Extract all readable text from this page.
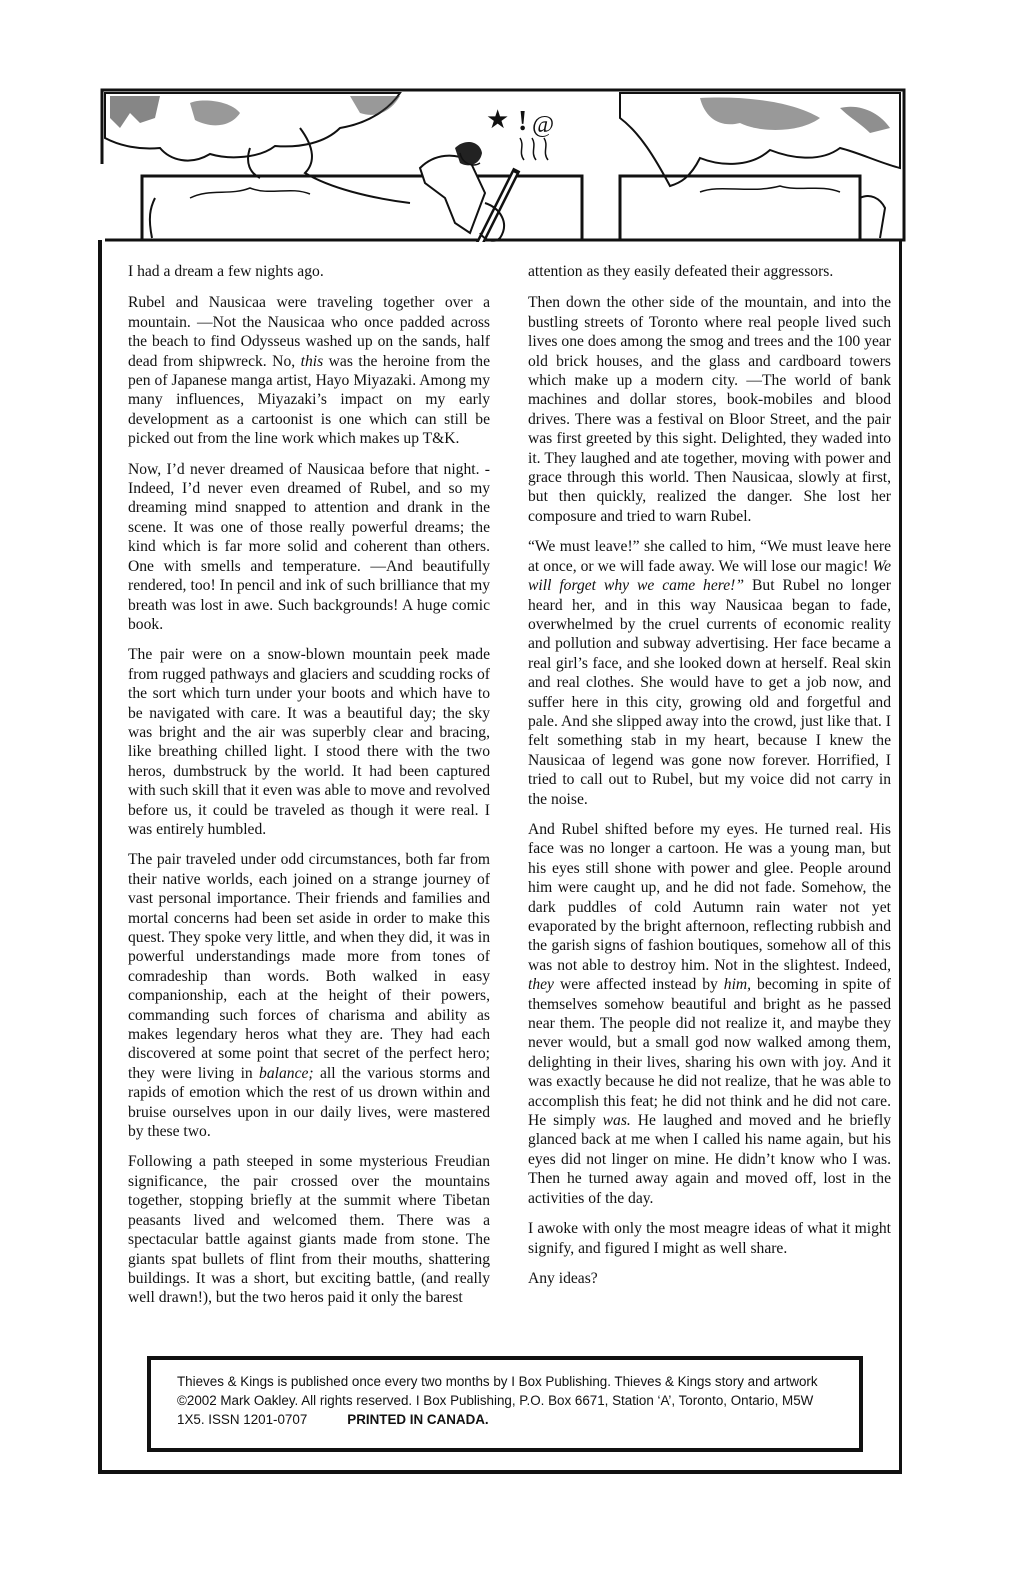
★ ! @

I had a dream a few nights ago.

Rubel and Nausicaa were traveling together over a mountain. —Not the Nausicaa who once padded across the beach to find Odysseus washed up on the sands, half dead from shipwreck. No, this was the heroine from the pen of Japanese manga artist, Hayo Miyazaki. Among my many influences, Miyazaki’s impact on my early development as a cartoonist is one which can still be picked out from the line work which makes up T&K.

Now, I’d never dreamed of Nausicaa before that night. -Indeed, I’d never even dreamed of Rubel, and so my dreaming mind snapped to attention and drank in the scene. It was one of those really powerful dreams; the kind which is far more solid and coherent than others. One with smells and temperature. —And beautifully rendered, too! In pencil and ink of such brilliance that my breath was lost in awe. Such backgrounds! A huge comic book.

The pair were on a snow-blown mountain peek made from rugged pathways and glaciers and scudding rocks of the sort which turn under your boots and which have to be navigated with care. It was a beautiful day; the sky was bright and the air was superbly clear and bracing, like breathing chilled light. I stood there with the two heros, dumbstruck by the world. It had been captured with such skill that it even was able to move and revolved before us, it could be traveled as though it were real. I was entirely humbled.

The pair traveled under odd circumstances, both far from their native worlds, each joined on a strange journey of vast personal importance. Their friends and families and mortal concerns had been set aside in order to make this quest. They spoke very little, and when they did, it was in powerful understandings made more from tones of comradeship than words. Both walked in easy companionship, each at the height of their powers, commanding such forces of charisma and ability as makes legendary heros what they are. They had each discovered at some point that secret of the perfect hero; they were living in balance; all the various storms and rapids of emotion which the rest of us drown within and bruise ourselves upon in our daily lives, were mastered by these two.

Following a path steeped in some mysterious Freudian significance, the pair crossed over the mountains together, stopping briefly at the summit where Tibetan peasants lived and welcomed them. There was a spectacular battle against giants made from stone. The giants spat bullets of flint from their mouths, shattering buildings. It was a short, but exciting battle, (and really well drawn!), but the two heros paid it only the barest

attention as they easily defeated their aggressors.

Then down the other side of the mountain, and into the bustling streets of Toronto where real people lived such lives one does among the smog and trees and the 100 year old brick houses, and the glass and cardboard towers which make up a modern city. —The world of bank machines and dollar stores, book-mobiles and blood drives. There was a festival on Bloor Street, and the pair was first greeted by this sight. Delighted, they waded into it. They laughed and ate together, moving with power and grace through this world. Then Nausicaa, slowly at first, but then quickly, realized the danger. She lost her composure and tried to warn Rubel.

“We must leave!” she called to him, “We must leave here at once, or we will fade away. We will lose our magic! We will forget why we came here!” But Rubel no longer heard her, and in this way Nausicaa began to fade, overwhelmed by the cruel currents of economic reality and pollution and subway advertising. Her face became a real girl’s face, and she looked down at herself. Real skin and real clothes. She would have to get a job now, and suffer here in this city, growing old and forgetful and pale. And she slipped away into the crowd, just like that. I felt something stab in my heart, because I knew the Nausicaa of legend was gone now forever. Horrified, I tried to call out to Rubel, but my voice did not carry in the noise.

And Rubel shifted before my eyes. He turned real. His face was no longer a cartoon. He was a young man, but his eyes still shone with power and glee. People around him were caught up, and he did not fade. Somehow, the dark puddles of cold Autumn rain water not yet evaporated by the bright afternoon, reflecting rubbish and the garish signs of fashion boutiques, somehow all of this was not able to destroy him. Not in the slightest. Indeed, they were affected instead by him, becoming in spite of themselves somehow beautiful and bright as he passed near them. The people did not realize it, and maybe they never would, but a small god now walked among them, delighting in their lives, sharing his own with joy. And it was exactly because he did not realize, that he was able to accomplish this feat; he did not think and he did not care. He simply was. He laughed and moved and he briefly glanced back at me when I called his name again, but his eyes did not linger on mine. He didn’t know who I was. Then he turned away again and moved off, lost in the activities of the day.

I awoke with only the most meagre ideas of what it might signify, and figured I might as well share.

Any ideas?

Thieves & Kings is published once every two months by I Box Publishing. Thieves & Kings story and artwork ©2002 Mark Oakley. All rights reserved. I Box Publishing, P.O. Box 6671, Station ‘A’, Toronto, Ontario, M5W 1X5. ISSN 1201-0707	PRINTED IN CANADA.
